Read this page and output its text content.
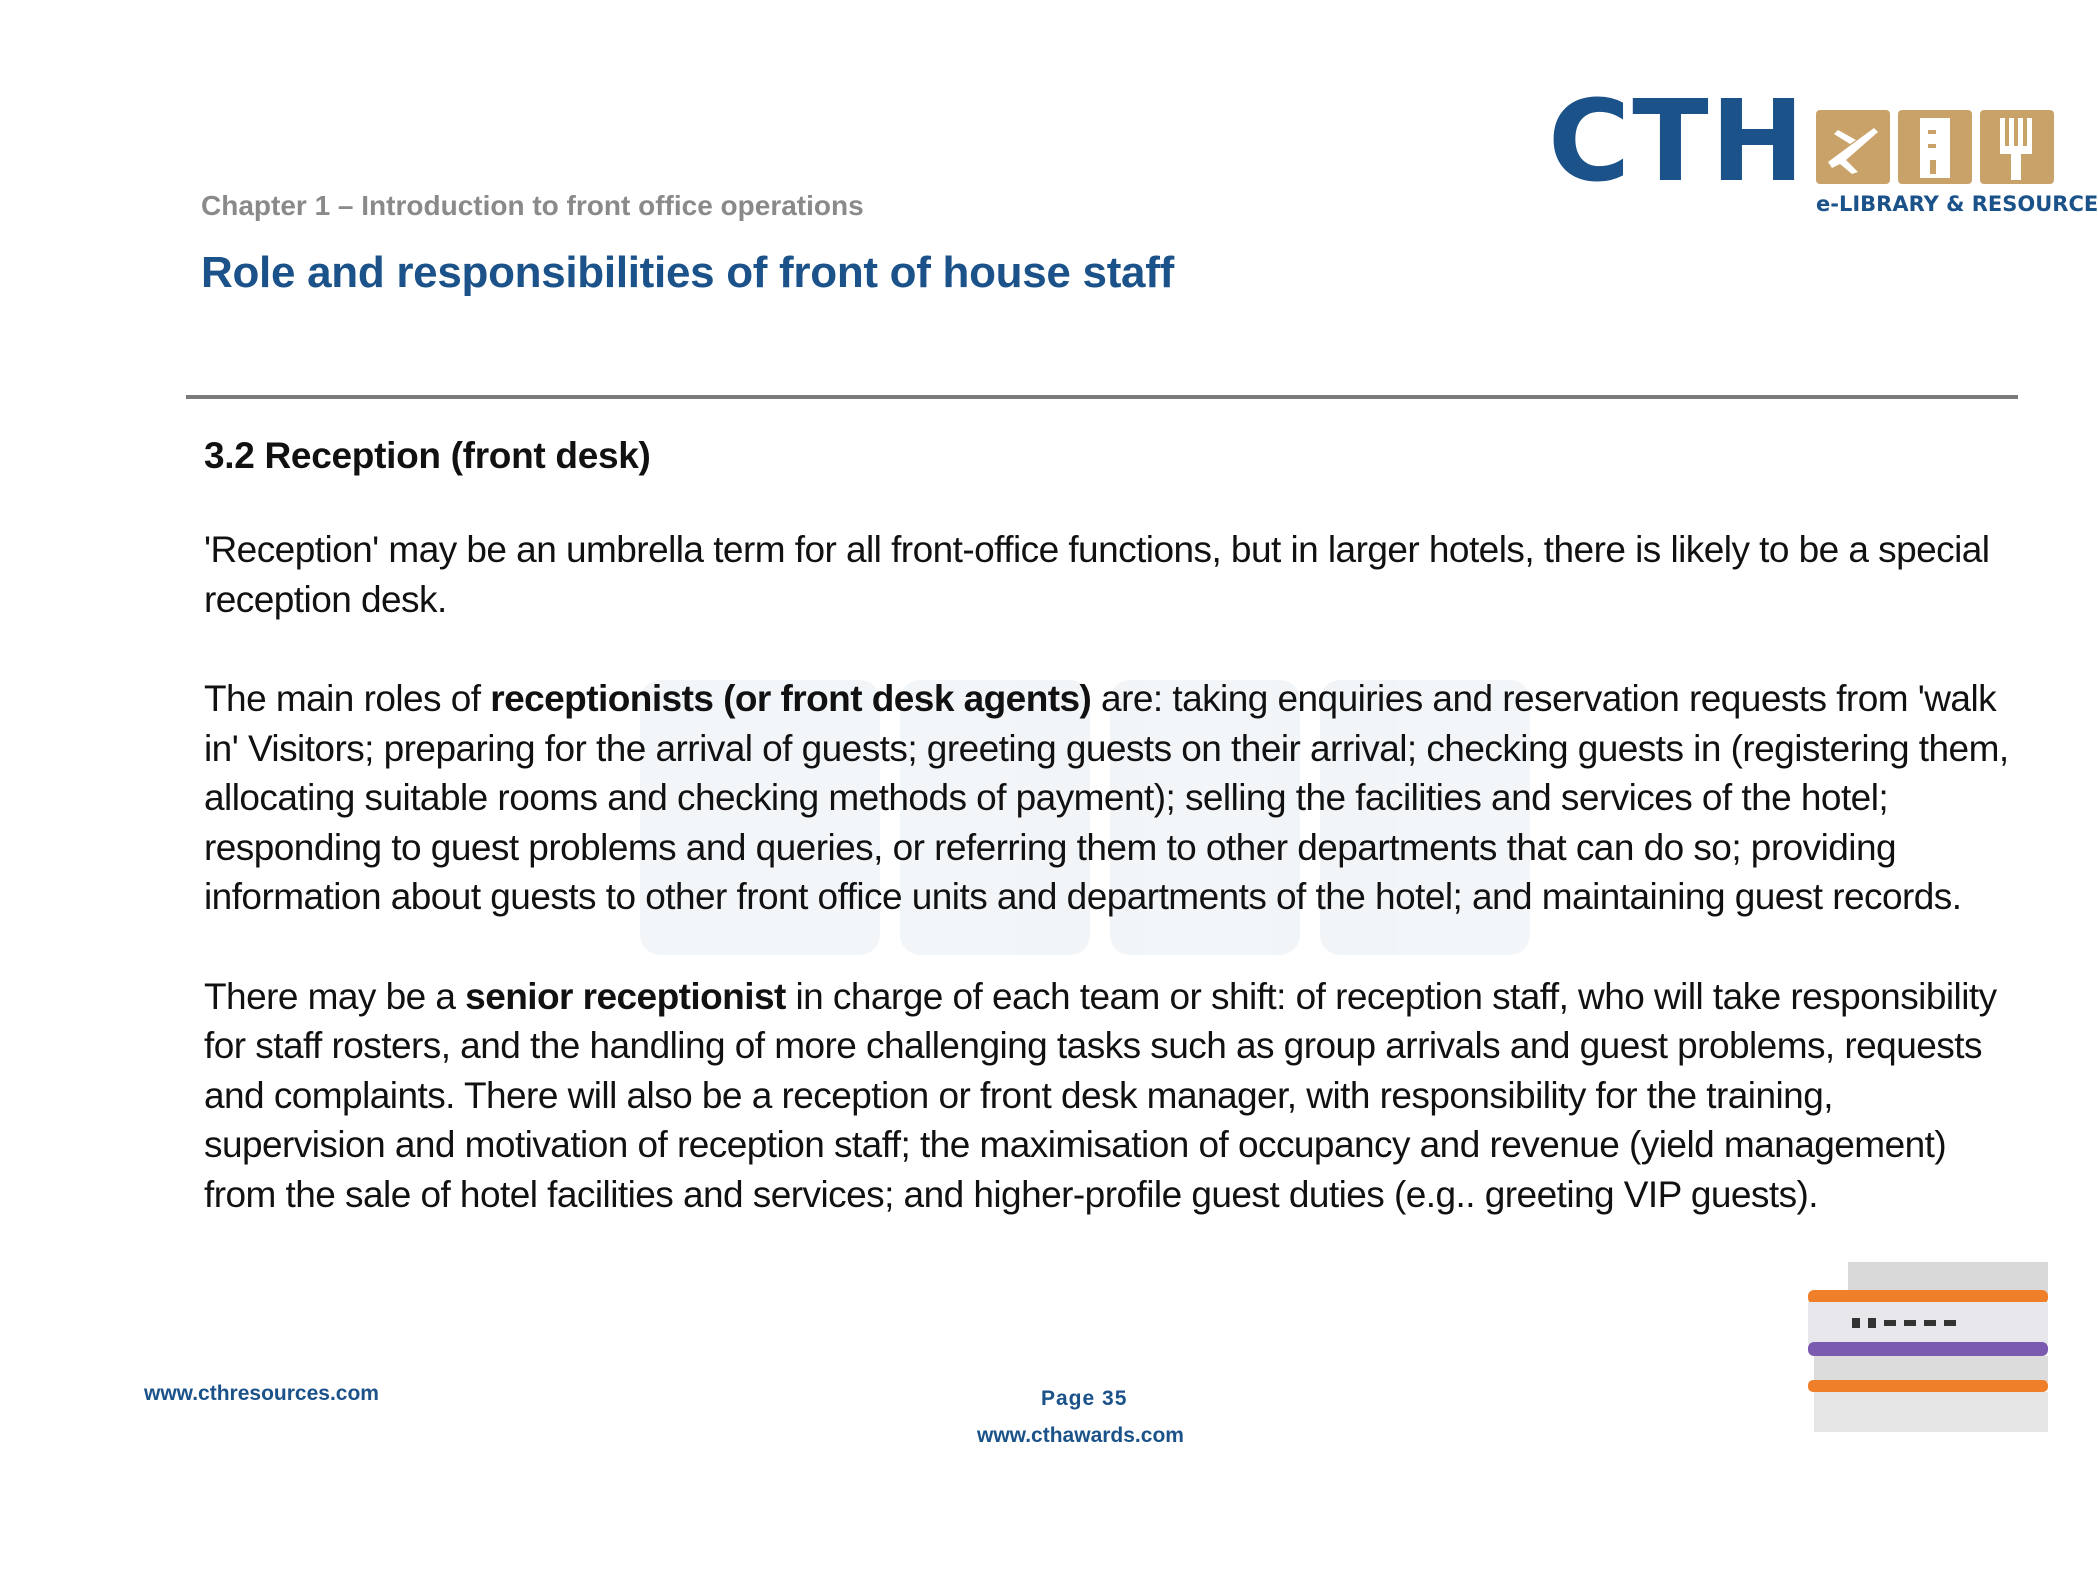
CTH e-LIBRARY & RESOURCE
Chapter 1 – Introduction to front office operations
Role and responsibilities of front of house staff
3.2 Reception (front desk)

'Reception' may be an umbrella term for all front-office functions, but in larger hotels, there is likely to be a special reception desk.

The main roles of receptionists (or front desk agents) are: taking enquiries and reservation requests from 'walk in' Visitors; preparing for the arrival of guests; greeting guests on their arrival; checking guests in (registering them, allocating suitable rooms and checking methods of payment); selling the facilities and services of the hotel; responding to guest problems and queries, or referring them to other departments that can do so; providing information about guests to other front office units and departments of the hotel; and maintaining guest records.

There may be a senior receptionist in charge of each team or shift: of reception staff, who will take responsibility for staff rosters, and the handling of more challenging tasks such as group arrivals and guest problems, requests and complaints. There will also be a reception or front desk manager, with responsibility for the training, supervision and motivation of reception staff; the maximisation of occupancy and revenue (yield management) from the sale of hotel facilities and services; and higher-profile guest duties (e.g.. greeting VIP guests).

www.cthresources.com	Page 35
www.cthawards.com
